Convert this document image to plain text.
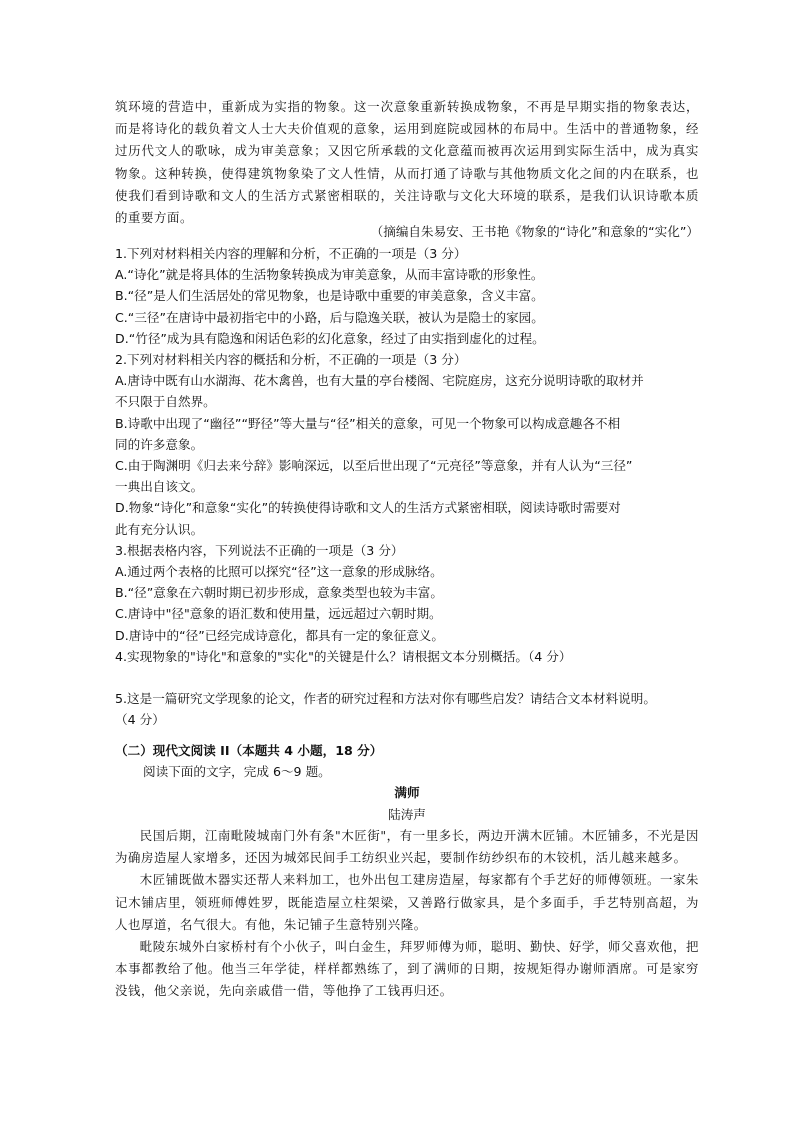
筑环境的营造中，重新成为实指的物象。这一次意象重新转换成物象，不再是早期实指的物象表达，而是将诗化的载负着文人士大夫价值观的意象，运用到庭院或园林的布局中。生活中的普通物象，经过历代文人的歌咏，成为审美意象；又因它所承载的文化意蕴而被再次运用到实际生活中，成为真实物象。这种转换，使得建筑物象染了文人性情，从而打通了诗歌与其他物质文化之间的内在联系，也使我们看到诗歌和文人的生活方式紧密相联的，关注诗歌与文化大环境的联系，是我们认识诗歌本质的重要方面。

（摘编自朱易安、王书艳《物象的“诗化”和意象的“实化”）
1.下列对材料相关内容的理解和分析，不正确的一项是（3 分）
A.“诗化”就是将具体的生活物象转换成为审美意象，从而丰富诗歌的形象性。
B.“径”是人们生活居处的常见物象，也是诗歌中重要的审美意象，含义丰富。
C.“三径”在唐诗中最初指宅中的小路，后与隐逸关联，被认为是隐士的家园。
D.“竹径”成为具有隐逸和闲话色彩的幻化意象，经过了由实指到虚化的过程。
2.下列对材料相关内容的概括和分析，不正确的一项是（3 分）
A.唐诗中既有山水湖海、花木禽兽，也有大量的亭台楼阁、宅院庭房，这充分说明诗歌的取材并
不只限于自然界。
B.诗歌中出现了“幽径”“野径”等大量与“径”相关的意象，可见一个物象可以构成意趣各不相
同的许多意象。
C.由于陶渊明《归去来兮辞》影响深远，以至后世出现了“元亮径”等意象，并有人认为“三径”
一典出自该文。
D.物象“诗化”和意象“实化”的转换使得诗歌和文人的生活方式紧密相联，阅读诗歌时需要对
此有充分认识。
3.根据表格内容，下列说法不正确的一项是（3 分）
A.通过两个表格的比照可以探究“径”这一意象的形成脉络。
B.“径”意象在六朝时期已初步形成，意象类型也较为丰富。
C.唐诗中"径"意象的语汇数和使用量，远远超过六朝时期。
D.唐诗中的“径”已经完成诗意化，都具有一定的象征意义。
4.实现物象的"诗化"和意象的"实化"的关键是什么？请根据文本分别概括。（4 分）
5.这是一篇研究文学现象的论文，作者的研究过程和方法对你有哪些启发？请结合文本材料说明。
（4 分）
（二）现代文阅读 II（本题共 4 小题，18 分）
阅读下面的文字，完成 6～9 题。
满师
陆涛声

民国后期，江南毗陵城南门外有条"木匠街"，有一里多长，两边开满木匠铺。木匠铺多，不光是因为确房造屋人家增多，还因为城郊民间手工纺织业兴起，要制作纺纱织布的木铰机，活儿越来越多。

木匠铺既做木器实还帮人来料加工，也外出包工建房造屋，每家都有个手艺好的师傅领班。一家朱记木铺店里，领班师傅姓罗，既能造屋立柱架梁，又善路行做家具，是个多面手，手艺特别高超，为人也厚道，名气很大。有他，朱记铺子生意特别兴隆。

毗陵东城外白家桥村有个小伙子，叫白金生，拜罗师傅为师，聪明、勤快、好学，师父喜欢他，把本事都教给了他。他当三年学徒，样样都熟练了，到了满师的日期，按规矩得办谢师酒席。可是家穷没钱，他父亲说，先向亲戚借一借，等他挣了工钱再归还。
